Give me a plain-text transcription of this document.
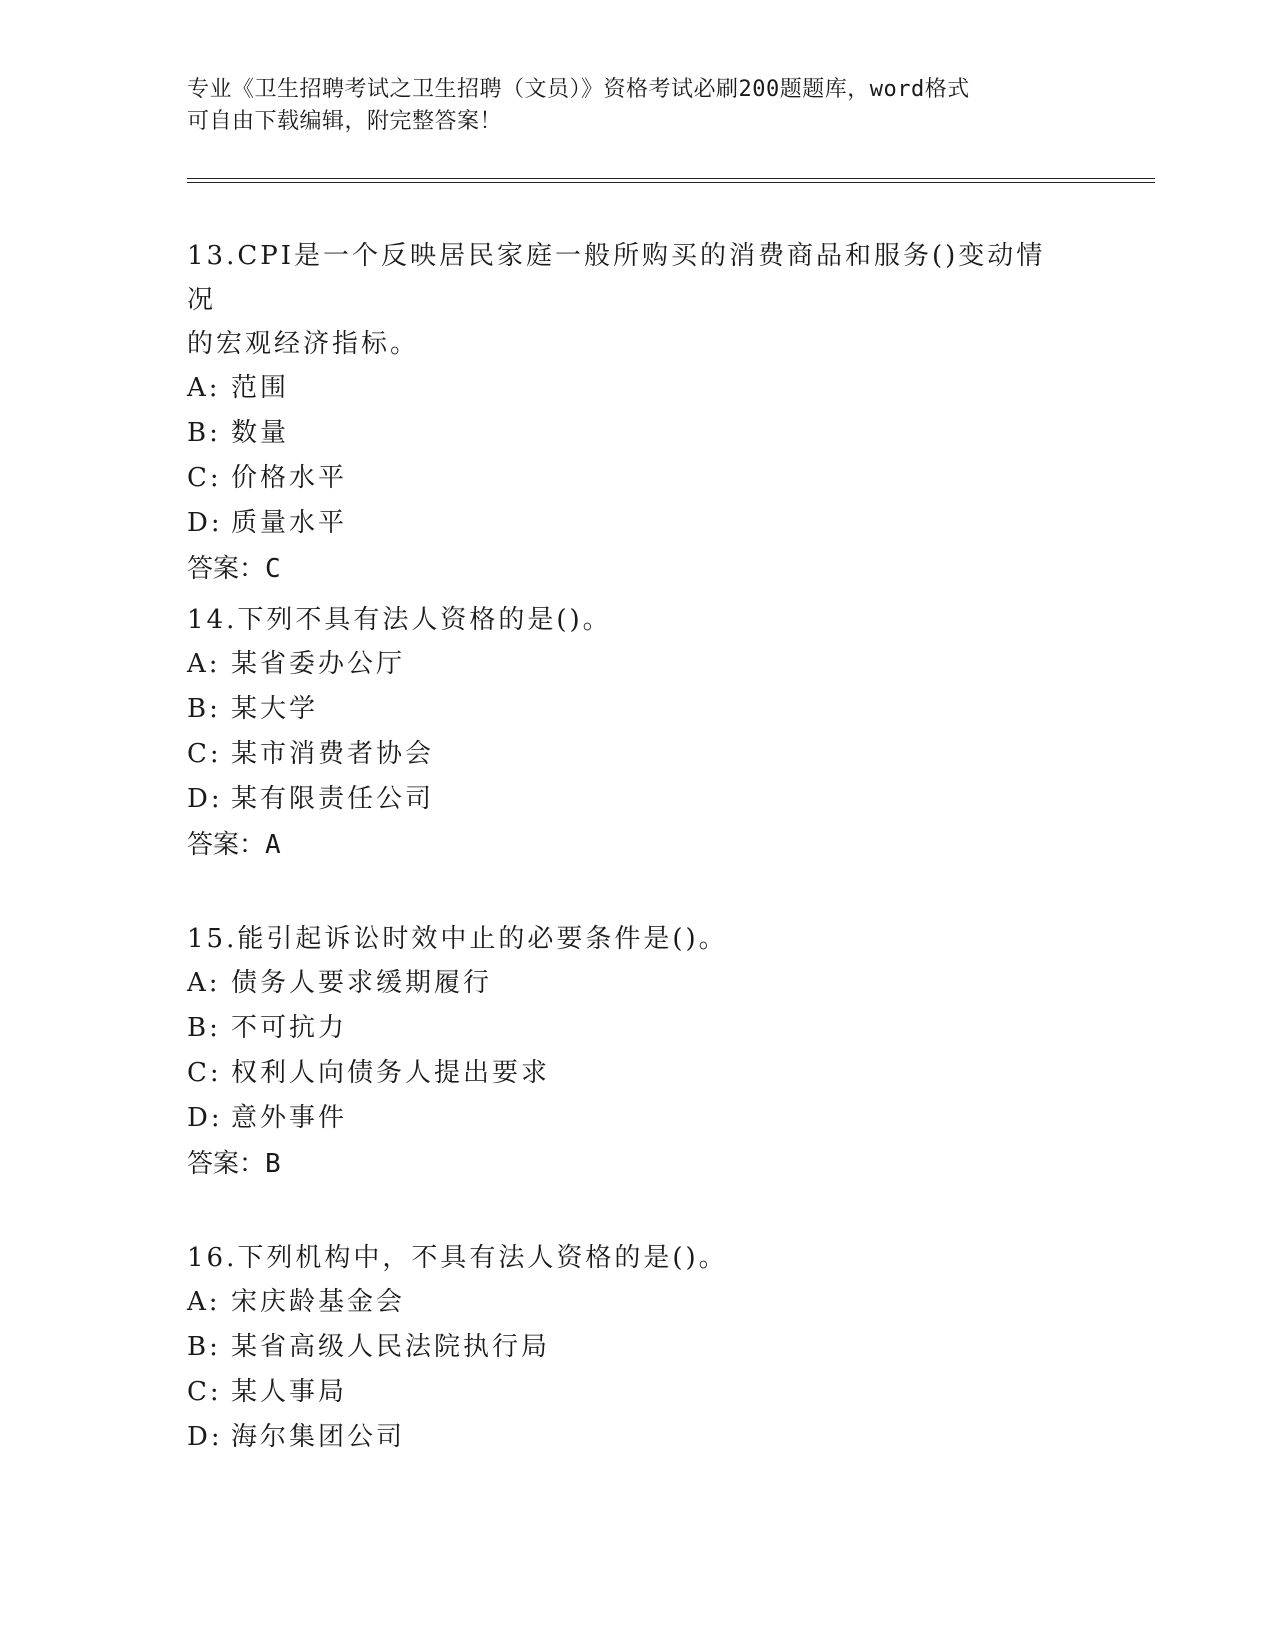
专业《卫生招聘考试之卫生招聘（文员）》资格考试必刷200题题库，word格式
可自由下载编辑，附完整答案！

13.CPI是一个反映居民家庭一般所购买的消费商品和服务()变动情况

的宏观经济指标。

A: 范围

B: 数量

C: 价格水平

D: 质量水平

答案：C

14.下列不具有法人资格的是()。

A: 某省委办公厅

B: 某大学

C: 某市消费者协会

D: 某有限责任公司

答案：A

15.能引起诉讼时效中止的必要条件是()。

A: 债务人要求缓期履行

B: 不可抗力

C: 权利人向债务人提出要求

D: 意外事件

答案：B

16.下列机构中，不具有法人资格的是()。

A: 宋庆龄基金会

B: 某省高级人民法院执行局

C: 某人事局

D: 海尔集团公司
